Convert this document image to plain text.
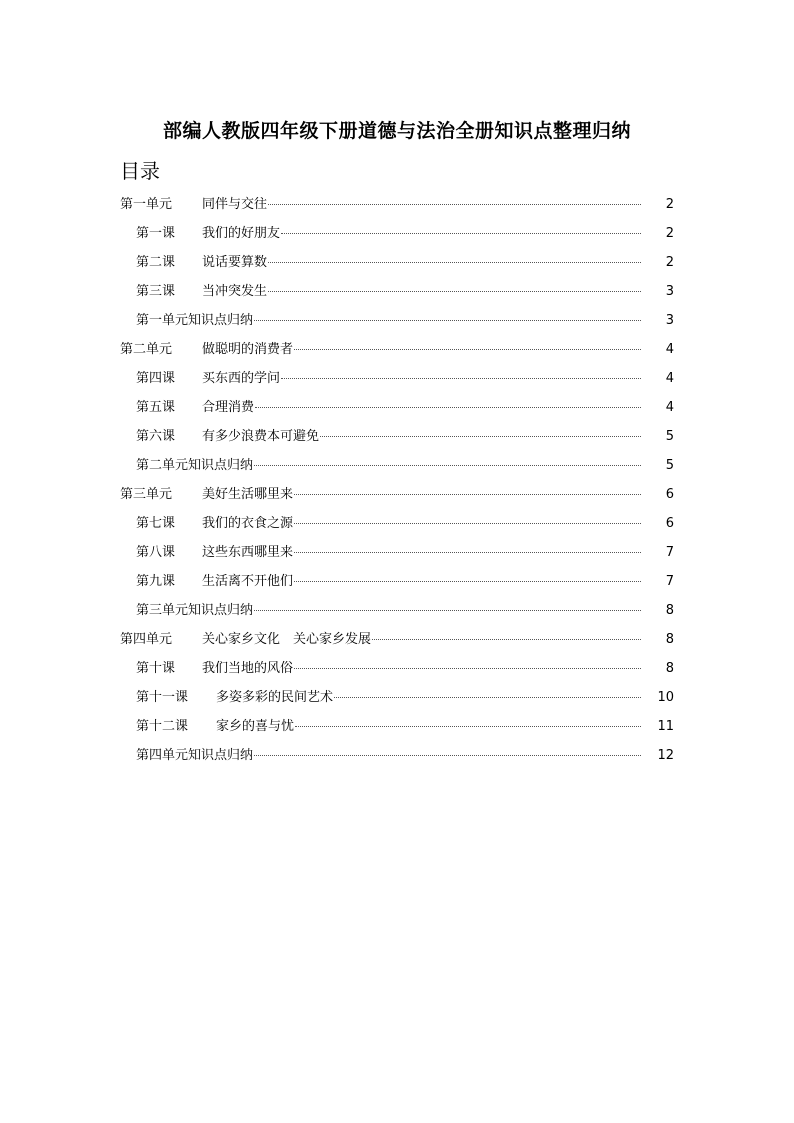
部编人教版四年级下册道德与法治全册知识点整理归纳
目录
第一单元	同伴与交往	2
第一课	我们的好朋友	2
第二课	说话要算数	2
第三课	当冲突发生	3
第一单元知识点归纳	3
第二单元	做聪明的消费者	4
第四课	买东西的学问	4
第五课	合理消费	4
第六课	有多少浪费本可避免	5
第二单元知识点归纳	5
第三单元	美好生活哪里来	6
第七课	我们的衣食之源	6
第八课	这些东西哪里来	7
第九课	生活离不开他们	7
第三单元知识点归纳	8
第四单元	关心家乡文化　关心家乡发展	8
第十课	我们当地的风俗	8
第十一课	多姿多彩的民间艺术	10
第十二课	家乡的喜与忧	11
第四单元知识点归纳	12
